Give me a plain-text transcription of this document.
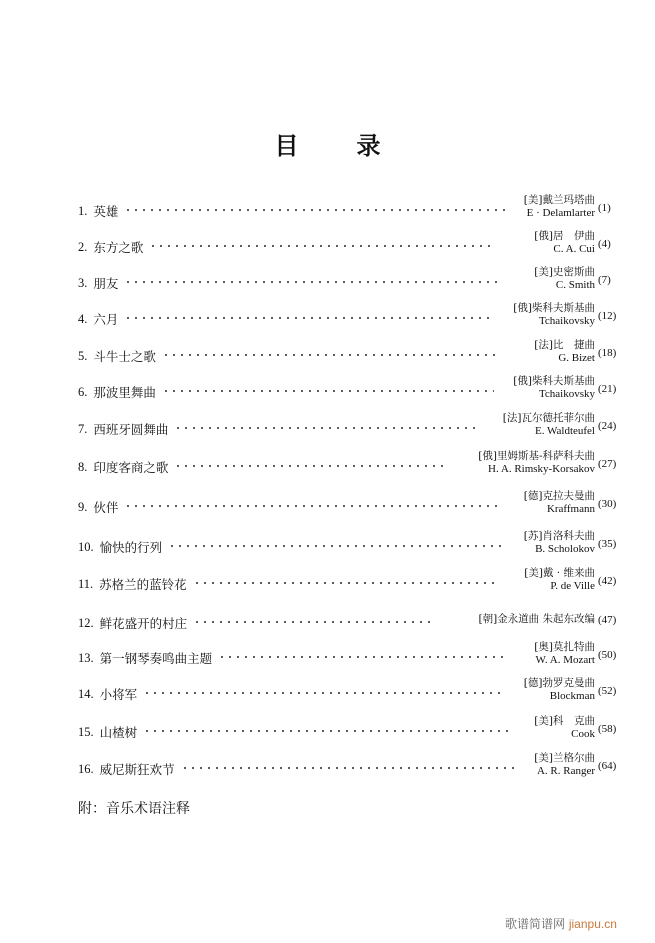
目 录
1. 英雄
[美]戴兰玛塔曲
E · Delamlarter (1)
2. 东方之歌
[俄]居　伊曲
C. A. Cui (4)
3. 朋友
[美]史密斯曲
C. Smith (7)
4. 六月
[俄]柴科夫斯基曲
Tchaikovsky (12)
5. 斗牛士之歌
[法]比　捷曲
G. Bizet (18)
6. 那波里舞曲
[俄]柴科夫斯基曲
Tchaikovsky (21)
7. 西班牙圆舞曲
[法]瓦尔德托菲尔曲
E. Waldteufel (24)
8. 印度客商之歌
[俄]里姆斯基-科萨科夫曲
H. A. Rimsky-Korsakov (27)
9. 伙伴
[德]克拉夫曼曲
Kraffmann (30)
10. 愉快的行列
[苏]肖洛科夫曲
B. Scholokov (35)
11. 苏格兰的蓝铃花
[美]戴 · 维来曲
P. de Ville (42)
12. 鲜花盛开的村庄	[朝]金永道曲 朱起东改编 (47)
13. 第一钢琴奏鸣曲主题
[奥]莫扎特曲
W. A. Mozart (50)
14. 小将军
[德]勃罗克曼曲
Blockman (52)
15. 山楂树
[美]科　克曲
Cook (58)
16. 威尼斯狂欢节
[美]兰格尔曲
A. R. Ranger (64)
附：音乐术语注释
歌谱简谱网 jianpu.cn
